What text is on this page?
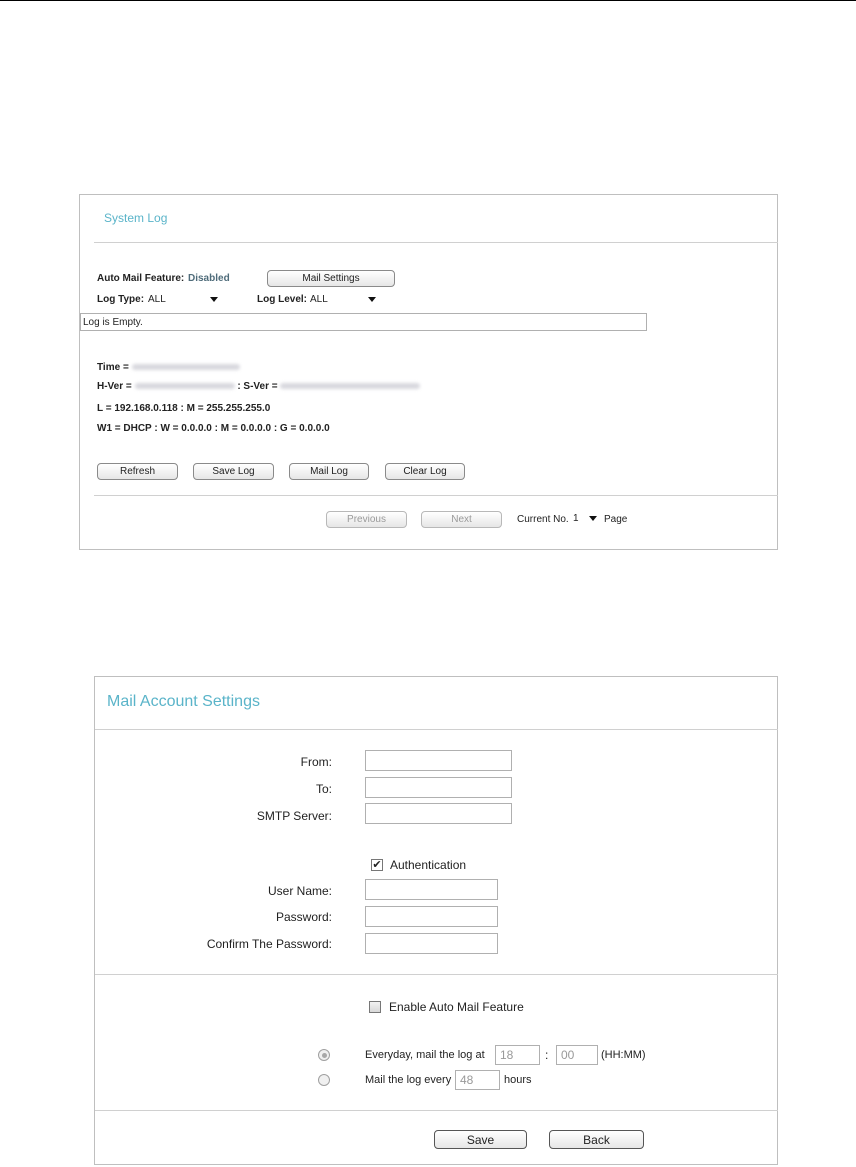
System Log
Auto Mail Feature: Disabled	Mail Settings
Log Type: ALL	Log Level: ALL
Log is Empty.
Time =
H-Ver =	: S-Ver =
L = 192.168.0.118 : M = 255.255.255.0
W1 = DHCP : W = 0.0.0.0 : M = 0.0.0.0 : G = 0.0.0.0
Refresh	Save Log	Mail Log	Clear Log
Previous	Next	Current No. 1	Page
Mail Account Settings
From:
To:
SMTP Server:
✔ Authentication
User Name:
Password:
Confirm The Password:
Enable Auto Mail Feature
Everyday, mail the log at	18	:	00	(HH:MM)
Mail the log every 48	hours
Save	Back
